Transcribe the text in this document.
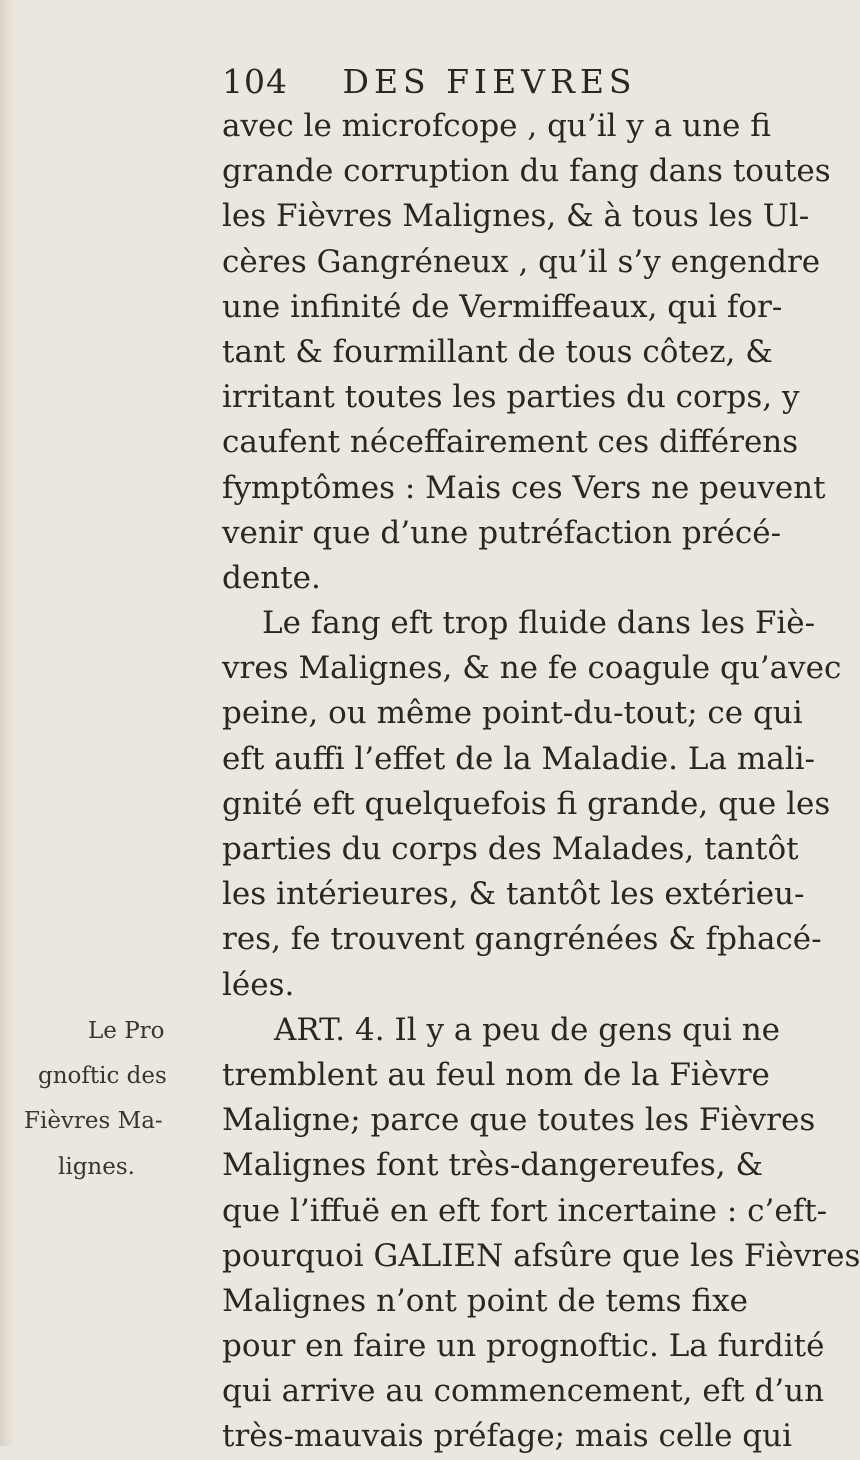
104 DES FIEVRES
avec le microfcope , qu’il y a une fi
grande corruption du fang dans toutes
les Fièvres Malignes, & à tous les Ul-
cères Gangréneux , qu’il s’y engendre
une infinité de Vermiffeaux, qui for-
tant & fourmillant de tous côtez, &
irritant toutes les parties du corps, y
caufent néceffairement ces différens
fymptômes : Mais ces Vers ne peuvent
venir que d’une putréfaction précé-
dente.
Le fang eft trop fluide dans les Fiè-
vres Malignes, & ne fe coagule qu’avec
peine, ou même point-du-tout; ce qui
eft auffi l’effet de la Maladie. La mali-
gnité eft quelquefois fi grande, que les
parties du corps des Malades, tantôt
les intérieures, & tantôt les extérieu-
res, fe trouvent gangrénées & fphacé-
lées.
ART. 4. Il y a peu de gens qui ne
tremblent au feul nom de la Fièvre
Maligne; parce que toutes les Fièvres
Malignes font très-dangereufes, &
que l’iffuë en eft fort incertaine : c’eft-
pourquoi GALIEN afsûre que les Fièvres
Malignes n’ont point de tems fixe
pour en faire un prognoftic. La furdité
qui arrive au commencement, eft d’un
très-mauvais préfage; mais celle qui
Le Pro
gnoftic des
Fièvres Ma-
lignes.
